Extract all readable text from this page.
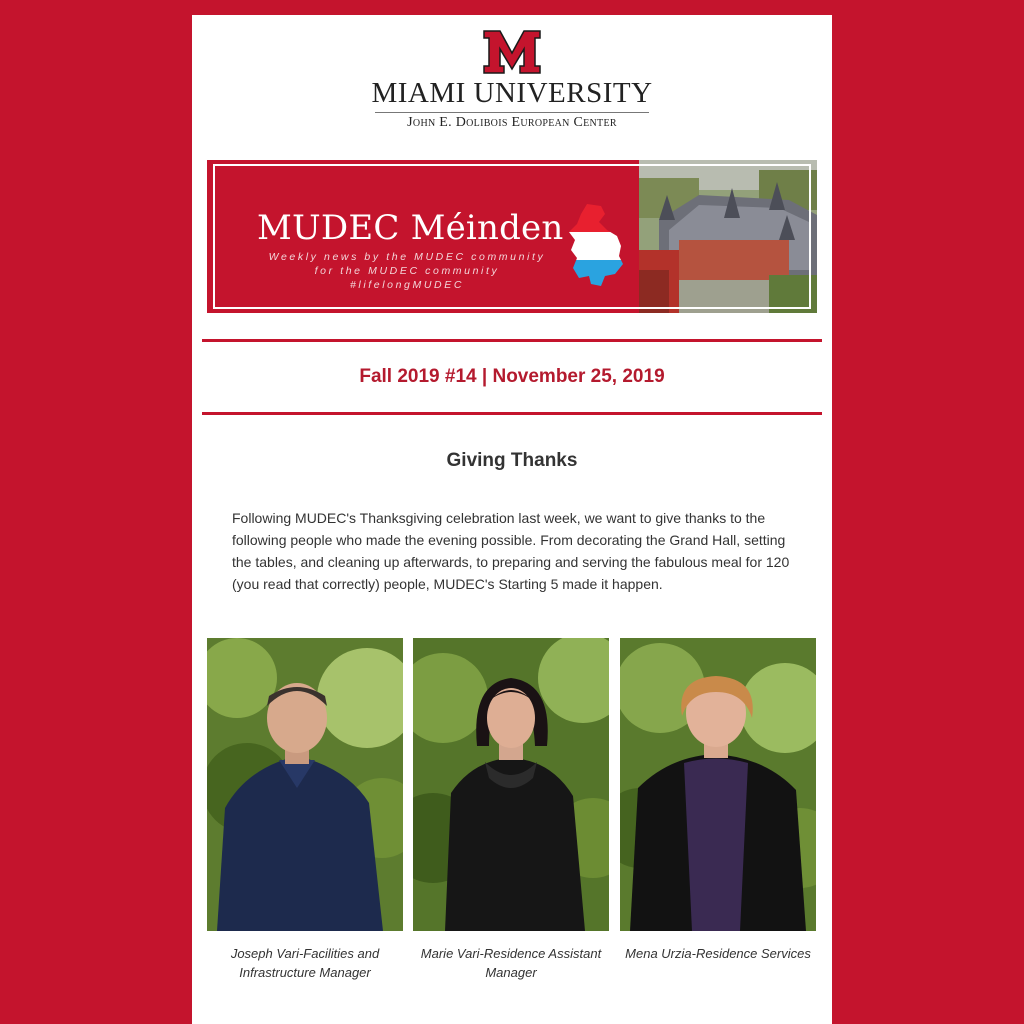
MIAMI UNIVERSITY
John E. Dolibois European Center
MUDEC Méinden
Weekly news by the MUDEC community
for the MUDEC community
#lifelongMUDEC
Fall 2019 #14 | November 25, 2019
Giving Thanks
Following MUDEC's Thanksgiving celebration last week, we want to give thanks to the following people who made the evening possible. From decorating the Grand Hall, setting the tables, and cleaning up afterwards, to preparing and serving the fabulous meal for 120 (you read that correctly) people, MUDEC's Starting 5 made it happen.
Joseph Vari-Facilities and Infrastructure Manager
Marie Vari-Residence Assistant Manager
Mena Urzia-Residence Services
